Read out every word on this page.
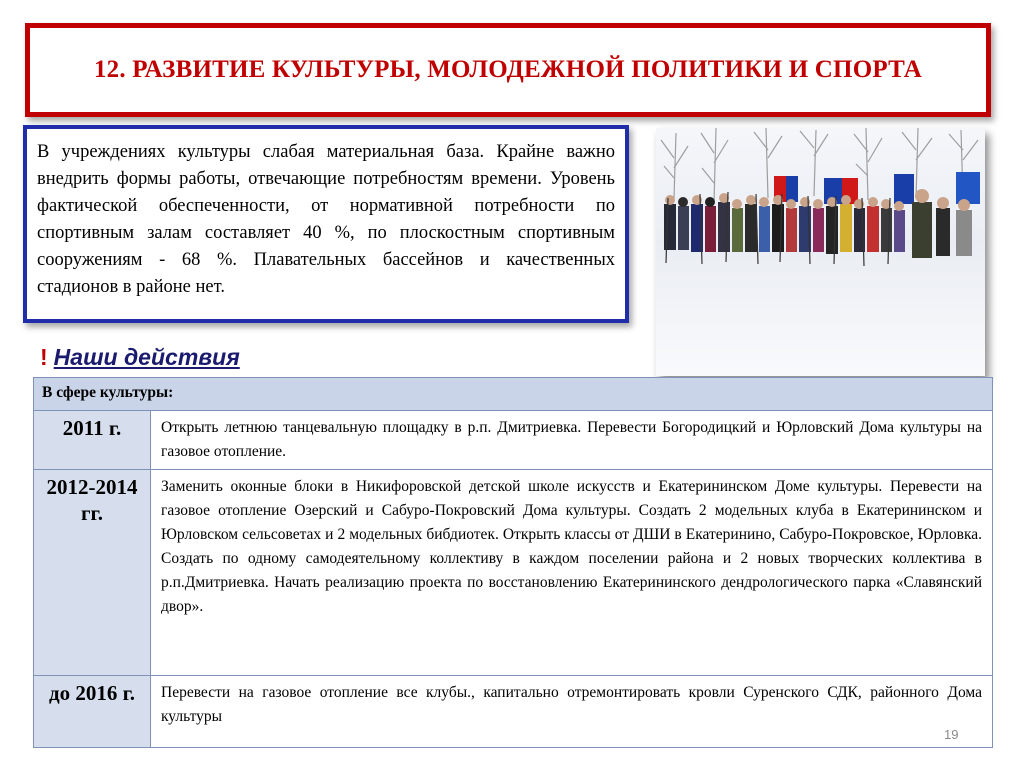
12. РАЗВИТИЕ КУЛЬТУРЫ, МОЛОДЕЖНОЙ ПОЛИТИКИ И СПОРТА

В учреждениях культуры слабая материальная база. Крайне важно внедрить формы работы, отвечающие потребностям времени. Уровень фактической обеспеченности, от нормативной потребности по спортивным залам составляет 40 %, по плоскостным спортивным сооружениям - 68 %. Плавательных бассейнов и качественных стадионов в районе нет.

! Наши действия
В сфере культуры:	
2011 г.	Открыть летнюю танцевальную площадку в р.п. Дмитриевка. Перевести Богородицкий и Юрловский Дома культуры на газовое отопление.
2012-2014 гг.	Заменить оконные блоки в Никифоровской детской школе искусств и Екатерининском Доме культуры. Перевести на газовое отопление Озерский и Сабуро-Покровский Дома культуры. Создать 2 модельных клуба в Екатерининском и Юрловском сельсоветах и 2 модельных бибдиотек. Открыть классы от ДШИ в Екатеринино, Сабуро-Покровское, Юрловка. Создать по одному самодеятельному коллективу в каждом поселении района и 2 новых творческих коллектива в р.п.Дмитриевка. Начать реализацию проекта по восстановлению Екатерининского дендрологического парка «Славянский двор».
до 2016 г.	Перевести на газовое отопление все клубы., капитально отремонтировать кровли Суренского СДК, районного Дома культуры
19
